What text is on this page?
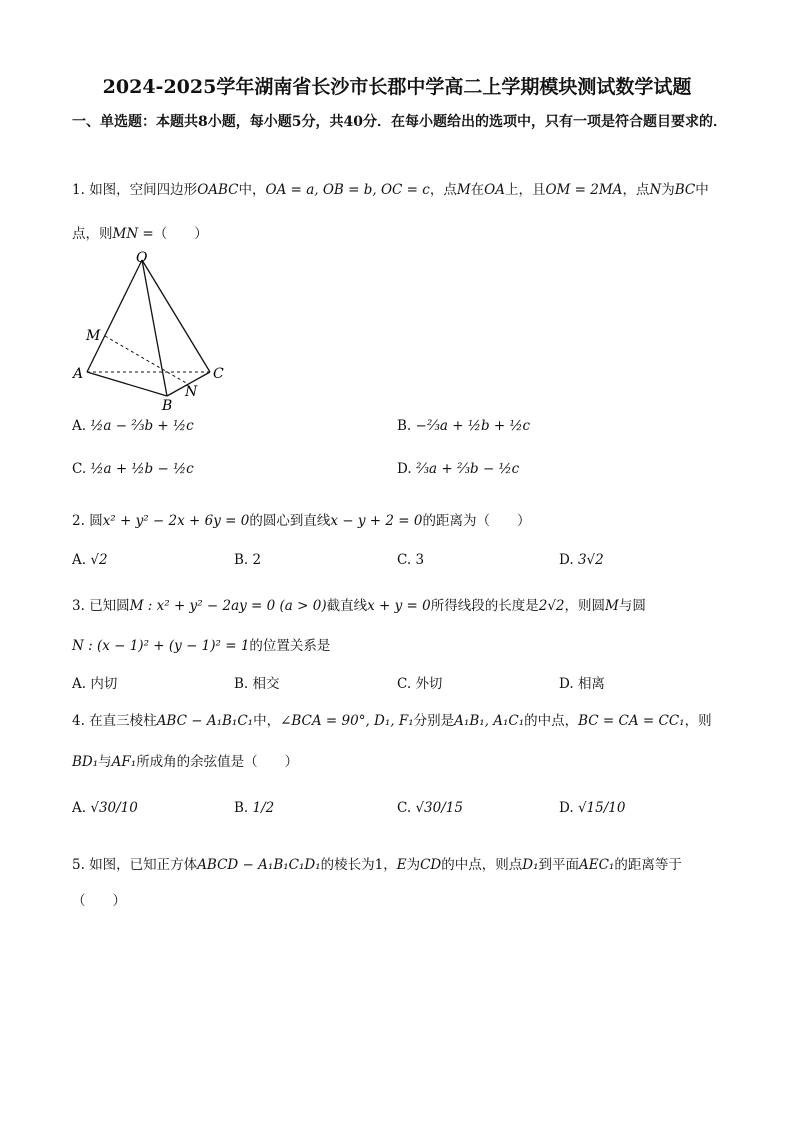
2024-2025学年湖南省长沙市长郡中学高二上学期模块测试数学试题
一、单选题：本题共8小题，每小题5分，共40分．在每小题给出的选项中，只有一项是符合题目要求的．
1. 如图，空间四边形OABC中，OA = a, OB = b, OC = c，点M在OA上，且OM = 2MA，点N为BC中
点，则MN =（　　）
O
M
A
B
N
C
A. ½a − ⅔b + ½c	B. −⅔a + ½b + ½c
C. ½a + ½b − ½c	D. ⅔a + ⅔b − ½c
2. 圆x² + y² − 2x + 6y = 0的圆心到直线x − y + 2 = 0的距离为（　　）
A. √2	B. 2	C. 3	D. 3√2
3. 已知圆M : x² + y² − 2ay = 0 (a > 0)截直线x + y = 0所得线段的长度是2√2，则圆M与圆
N : (x − 1)² + (y − 1)² = 1的位置关系是
A. 内切	B. 相交	C. 外切	D. 相离
4. 在直三棱柱ABC − A₁B₁C₁中，∠BCA = 90°, D₁, F₁分别是A₁B₁, A₁C₁的中点，BC = CA = CC₁，则
BD₁与AF₁所成角的余弦值是（　　）
A. √30/10	B. 1/2	C. √30/15	D. √15/10
5. 如图，已知正方体ABCD − A₁B₁C₁D₁的棱长为1，E为CD的中点，则点D₁到平面AEC₁的距离等于
（　　）
